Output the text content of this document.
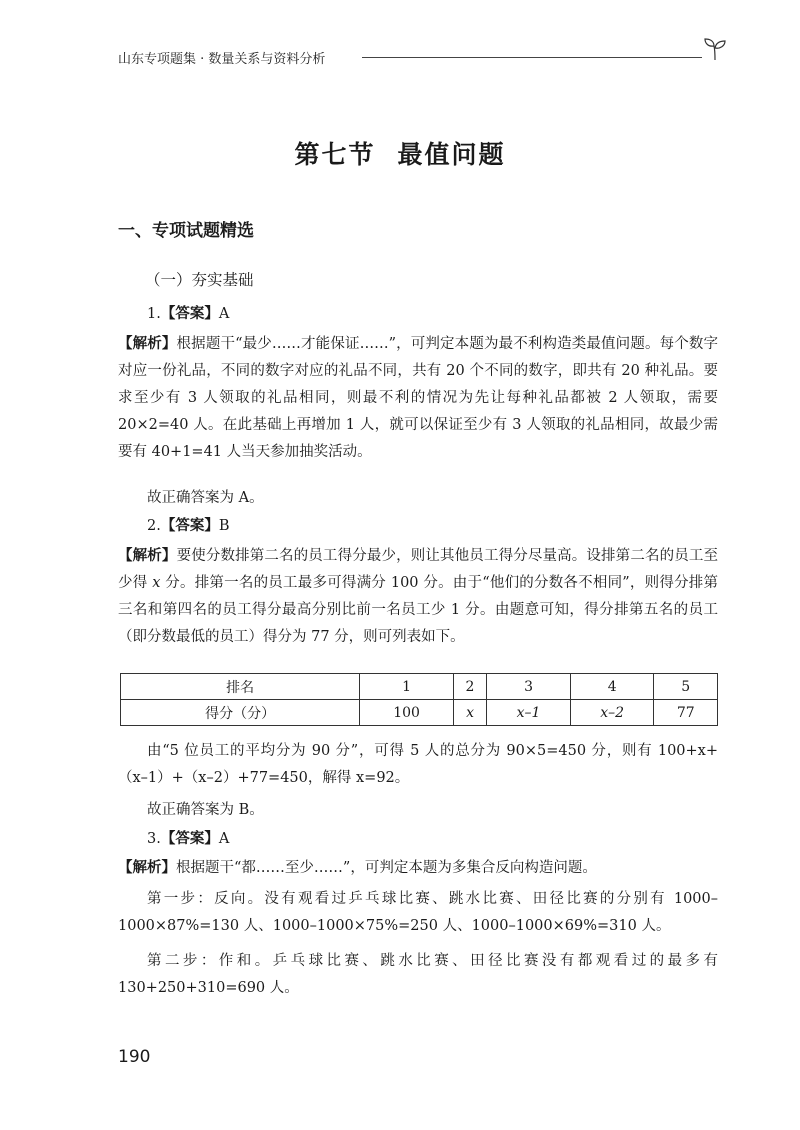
山东专项题集 · 数量关系与资料分析
第七节 最值问题
一、专项试题精选
（一）夯实基础

1.【答案】A

【解析】根据题干“最少……才能保证……”，可判定本题为最不利构造类最值问题。每个数字对应一份礼品，不同的数字对应的礼品不同，共有 20 个不同的数字，即共有 20 种礼品。要求至少有 3 人领取的礼品相同，则最不利的情况为先让每种礼品都被 2 人领取，需要 20×2=40 人。在此基础上再增加 1 人，就可以保证至少有 3 人领取的礼品相同，故最少需要有 40+1=41 人当天参加抽奖活动。

故正确答案为 A。

2.【答案】B

【解析】要使分数排第二名的员工得分最少，则让其他员工得分尽量高。设排第二名的员工至少得 x 分。排第一名的员工最多可得满分 100 分。由于“他们的分数各不相同”，则得分排第三名和第四名的员工得分最高分别比前一名员工少 1 分。由题意可知，得分排第五名的员工（即分数最低的员工）得分为 77 分，则可列表如下。

排名	1	2	3	4	5
得分（分）	100	x	x–1	x–2	77

由“5 位员工的平均分为 90 分”，可得 5 人的总分为 90×5=450 分，则有 100+x+（x–1）+（x–2）+77=450，解得 x=92。

故正确答案为 B。

3.【答案】A

【解析】根据题干“都……至少……”，可判定本题为多集合反向构造问题。

第一步：反向。没有观看过乒乓球比赛、跳水比赛、田径比赛的分别有 1000–1000×87%=130 人、1000–1000×75%=250 人、1000–1000×69%=310 人。

第二步：作和。乒乓球比赛、跳水比赛、田径比赛没有都观看过的最多有 130+250+310=690 人。

190
